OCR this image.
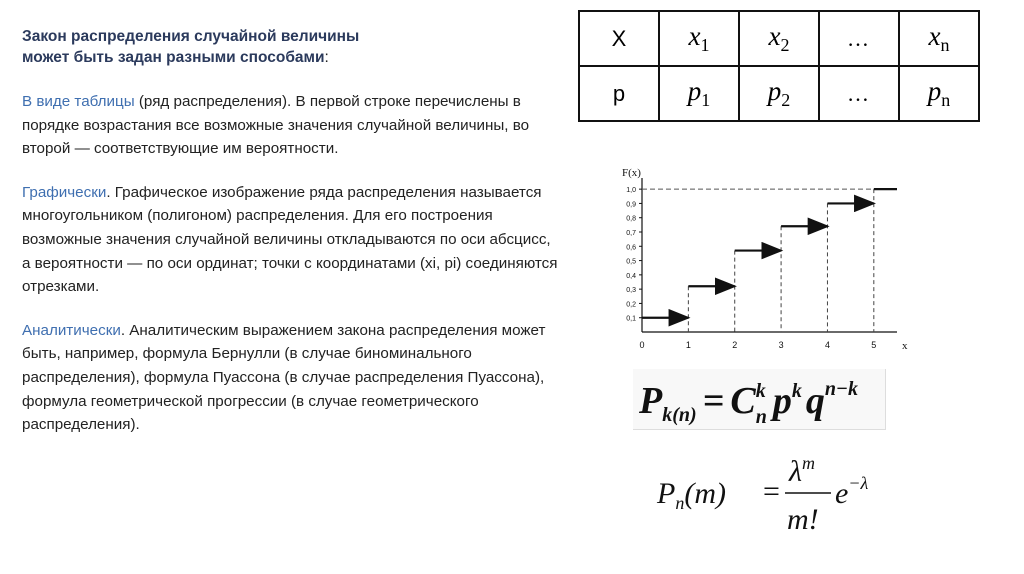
Закон распределения случайной величины
может быть задан разными способами:

В виде таблицы (ряд распределения). В первой строке перечислены в порядке возрастания все возможные значения случайной величины, во второй — соответствующие им вероятности.

Графически. Графическое изображение ряда распределения называется многоугольником (полигоном) распределения. Для его построения возможные значения случайной величины откладываются по оси абсцисс, а вероятности — по оси ординат; точки с координатами (xi, pi) соединяются отрезками.

Аналитически. Аналитическим выражением закона распределения может быть, например, формула Бернулли (в случае биноминального распределения), формула Пуассона (в случае распределения Пуассона), формула геометрической прогрессии (в случае геометрического распределения).

X	$x_1$	$x_2$	…	$x_n$
p	$p_1$	$p_2$	…	$p_n$
F(x)
x
0,1
0,2
0,3
0,4
0,5
0,6
0,7
0,8
0,9
1,0
0	1	2	3	4	5
$P_{k(n)} = C^k$ n $p^k$ $q^{n-k}$
$P_n(m)$ =
$\lambda^m$
m!
$e^{-\lambda}$
